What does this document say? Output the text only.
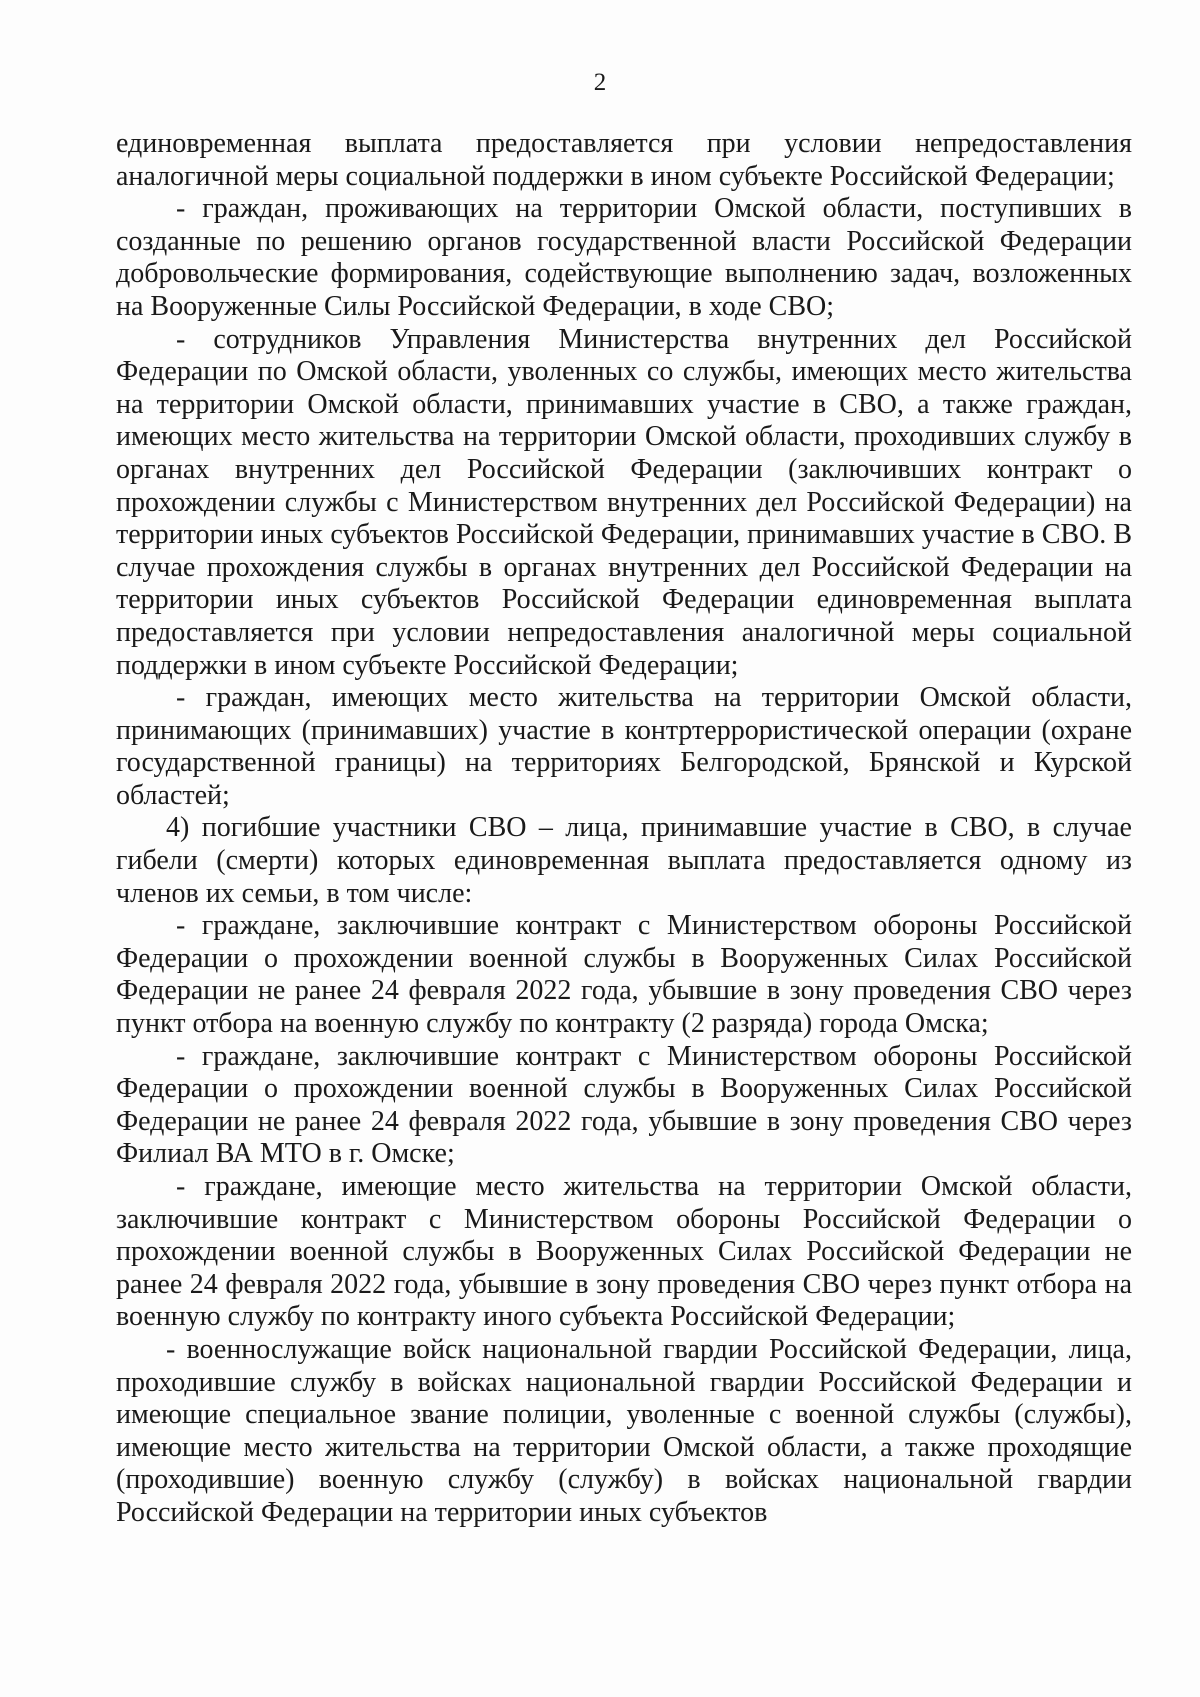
2

единовременная выплата предоставляется при условии непредоставления аналогичной меры социальной поддержки в ином субъекте Российской Федерации;

- граждан, проживающих на территории Омской области, поступивших в созданные по решению органов государственной власти Российской Федерации добровольческие формирования, содействующие выполнению задач, возложенных на Вооруженные Силы Российской Федерации, в ходе СВО;

- сотрудников Управления Министерства внутренних дел Российской Федерации по Омской области, уволенных со службы, имеющих место жительства на территории Омской области, принимавших участие в СВО, а также граждан, имеющих место жительства на территории Омской области, проходивших службу в органах внутренних дел Российской Федерации (заключивших контракт о прохождении службы с Министерством внутренних дел Российской Федерации) на территории иных субъектов Российской Федерации, принимавших участие в СВО. В случае прохождения службы в органах внутренних дел Российской Федерации на территории иных субъектов Российской Федерации единовременная выплата предоставляется при условии непредоставления аналогичной меры социальной поддержки в ином субъекте Российской Федерации;

- граждан, имеющих место жительства на территории Омской области, принимающих (принимавших) участие в контртеррористической операции (охране государственной границы) на территориях Белгородской, Брянской и Курской областей;

4) погибшие участники СВО – лица, принимавшие участие в СВО, в случае гибели (смерти) которых единовременная выплата предоставляется одному из членов их семьи, в том числе:

- граждане, заключившие контракт с Министерством обороны Российской Федерации о прохождении военной службы в Вооруженных Силах Российской Федерации не ранее 24 февраля 2022 года, убывшие в зону проведения СВО через пункт отбора на военную службу по контракту (2 разряда) города Омска;

- граждане, заключившие контракт с Министерством обороны Российской Федерации о прохождении военной службы в Вооруженных Силах Российской Федерации не ранее 24 февраля 2022 года, убывшие в зону проведения СВО через Филиал ВА МТО в г. Омске;

- граждане, имеющие место жительства на территории Омской области, заключившие контракт с Министерством обороны Российской Федерации о прохождении военной службы в Вооруженных Силах Российской Федерации не ранее 24 февраля 2022 года, убывшие в зону проведения СВО через пункт отбора на военную службу по контракту иного субъекта Российской Федерации;

- военнослужащие войск национальной гвардии Российской Федерации, лица, проходившие службу в войсках национальной гвардии Российской Федерации и имеющие специальное звание полиции, уволенные с военной службы (службы), имеющие место жительства на территории Омской области, а также проходящие (проходившие) военную службу (службу) в войсках национальной гвардии Российской Федерации на территории иных субъектов
